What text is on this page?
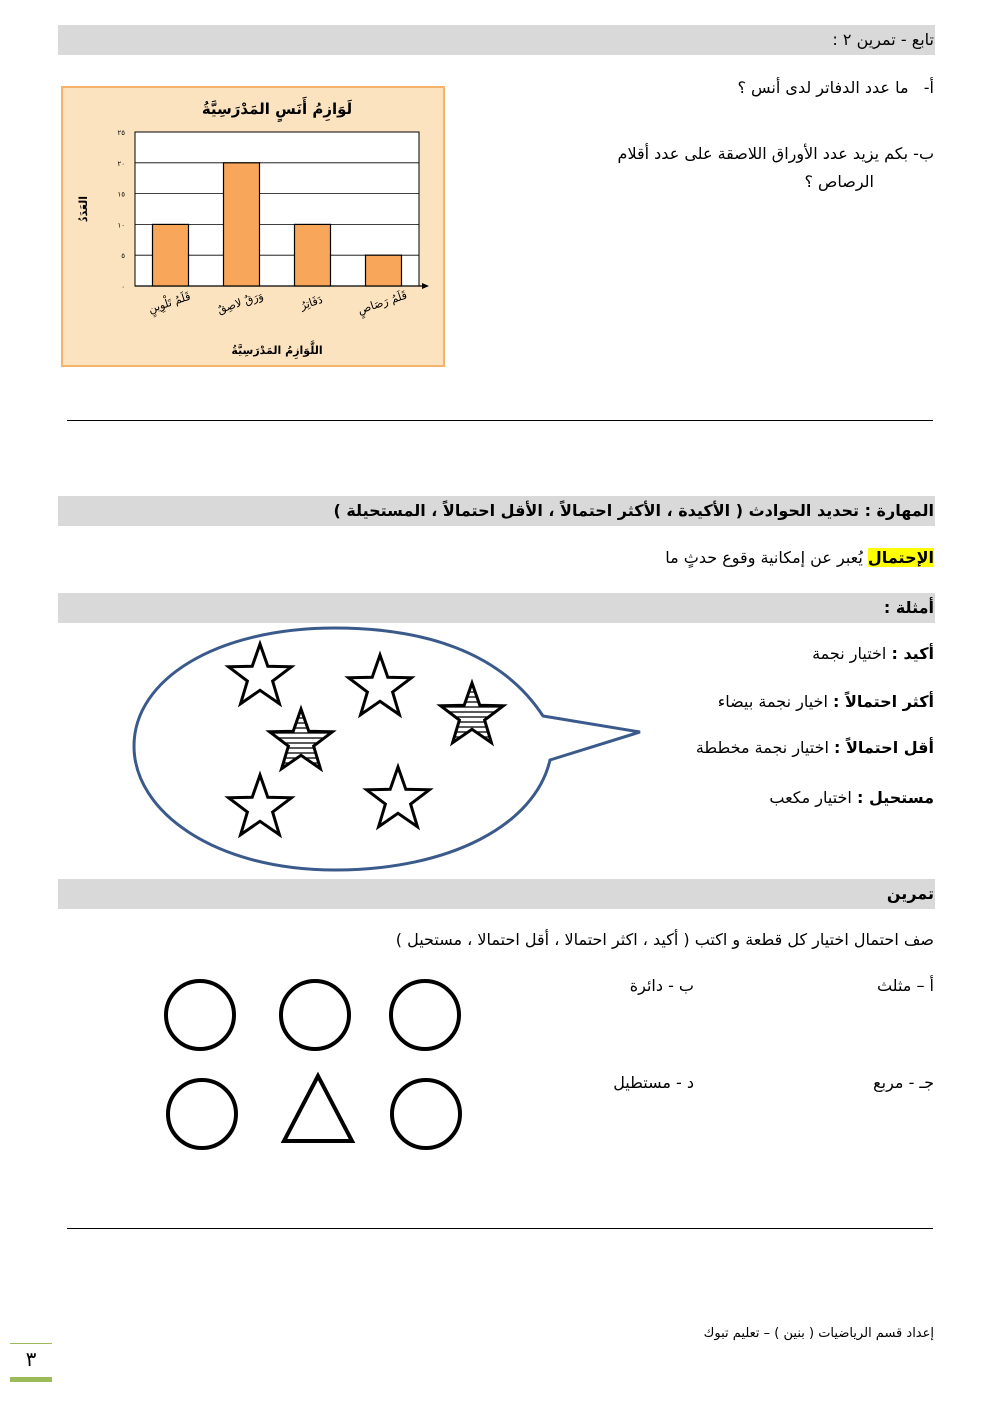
تابع - تمرين ٢ :
أ-   ما عدد الدفاتر لدى أنس ؟
ب- بكم يزيد عدد الأوراق اللاصقة على عدد أقلام
الرصاص ؟
٠
٥
١٠
١٥
٢٠
٢٥
قَلَمُ تَلْوِينٍ وَرَقٌ لاصِقٌ	دَفَاتِرُ	قَلَمُ رَصَاصٍ
لَوَازِمُ أَنَسٍ المَدْرَسِيَّةُ
اللَّوَازِمُ المَدْرَسِيَّةُ
العَدَدُ
المهارة : تحديد الحوادث ( الأكيدة ، الأكثر احتمالاً ، الأقل احتمالاً ، المستحيلة )
الإحتمال يُعبر عن إمكانية وقوع حدثٍ ما
أمثلة :
أكيد : اختيار نجمة
أكثر احتمالاً : اخيار نجمة بيضاء
أقل احتمالاً : اختيار نجمة مخططة
مستحيل : اختيار مكعب
تمرين
صف احتمال اختيار كل قطعة و اكتب ( أكيد ، اكثر احتمالا ، أقل احتمالا ، مستحيل )
أ – مثلث
ب - دائرة
جـ - مربع
د - مستطيل
إعداد قسم الرياضيات ( بنين ) – تعليم تبوك
٣
